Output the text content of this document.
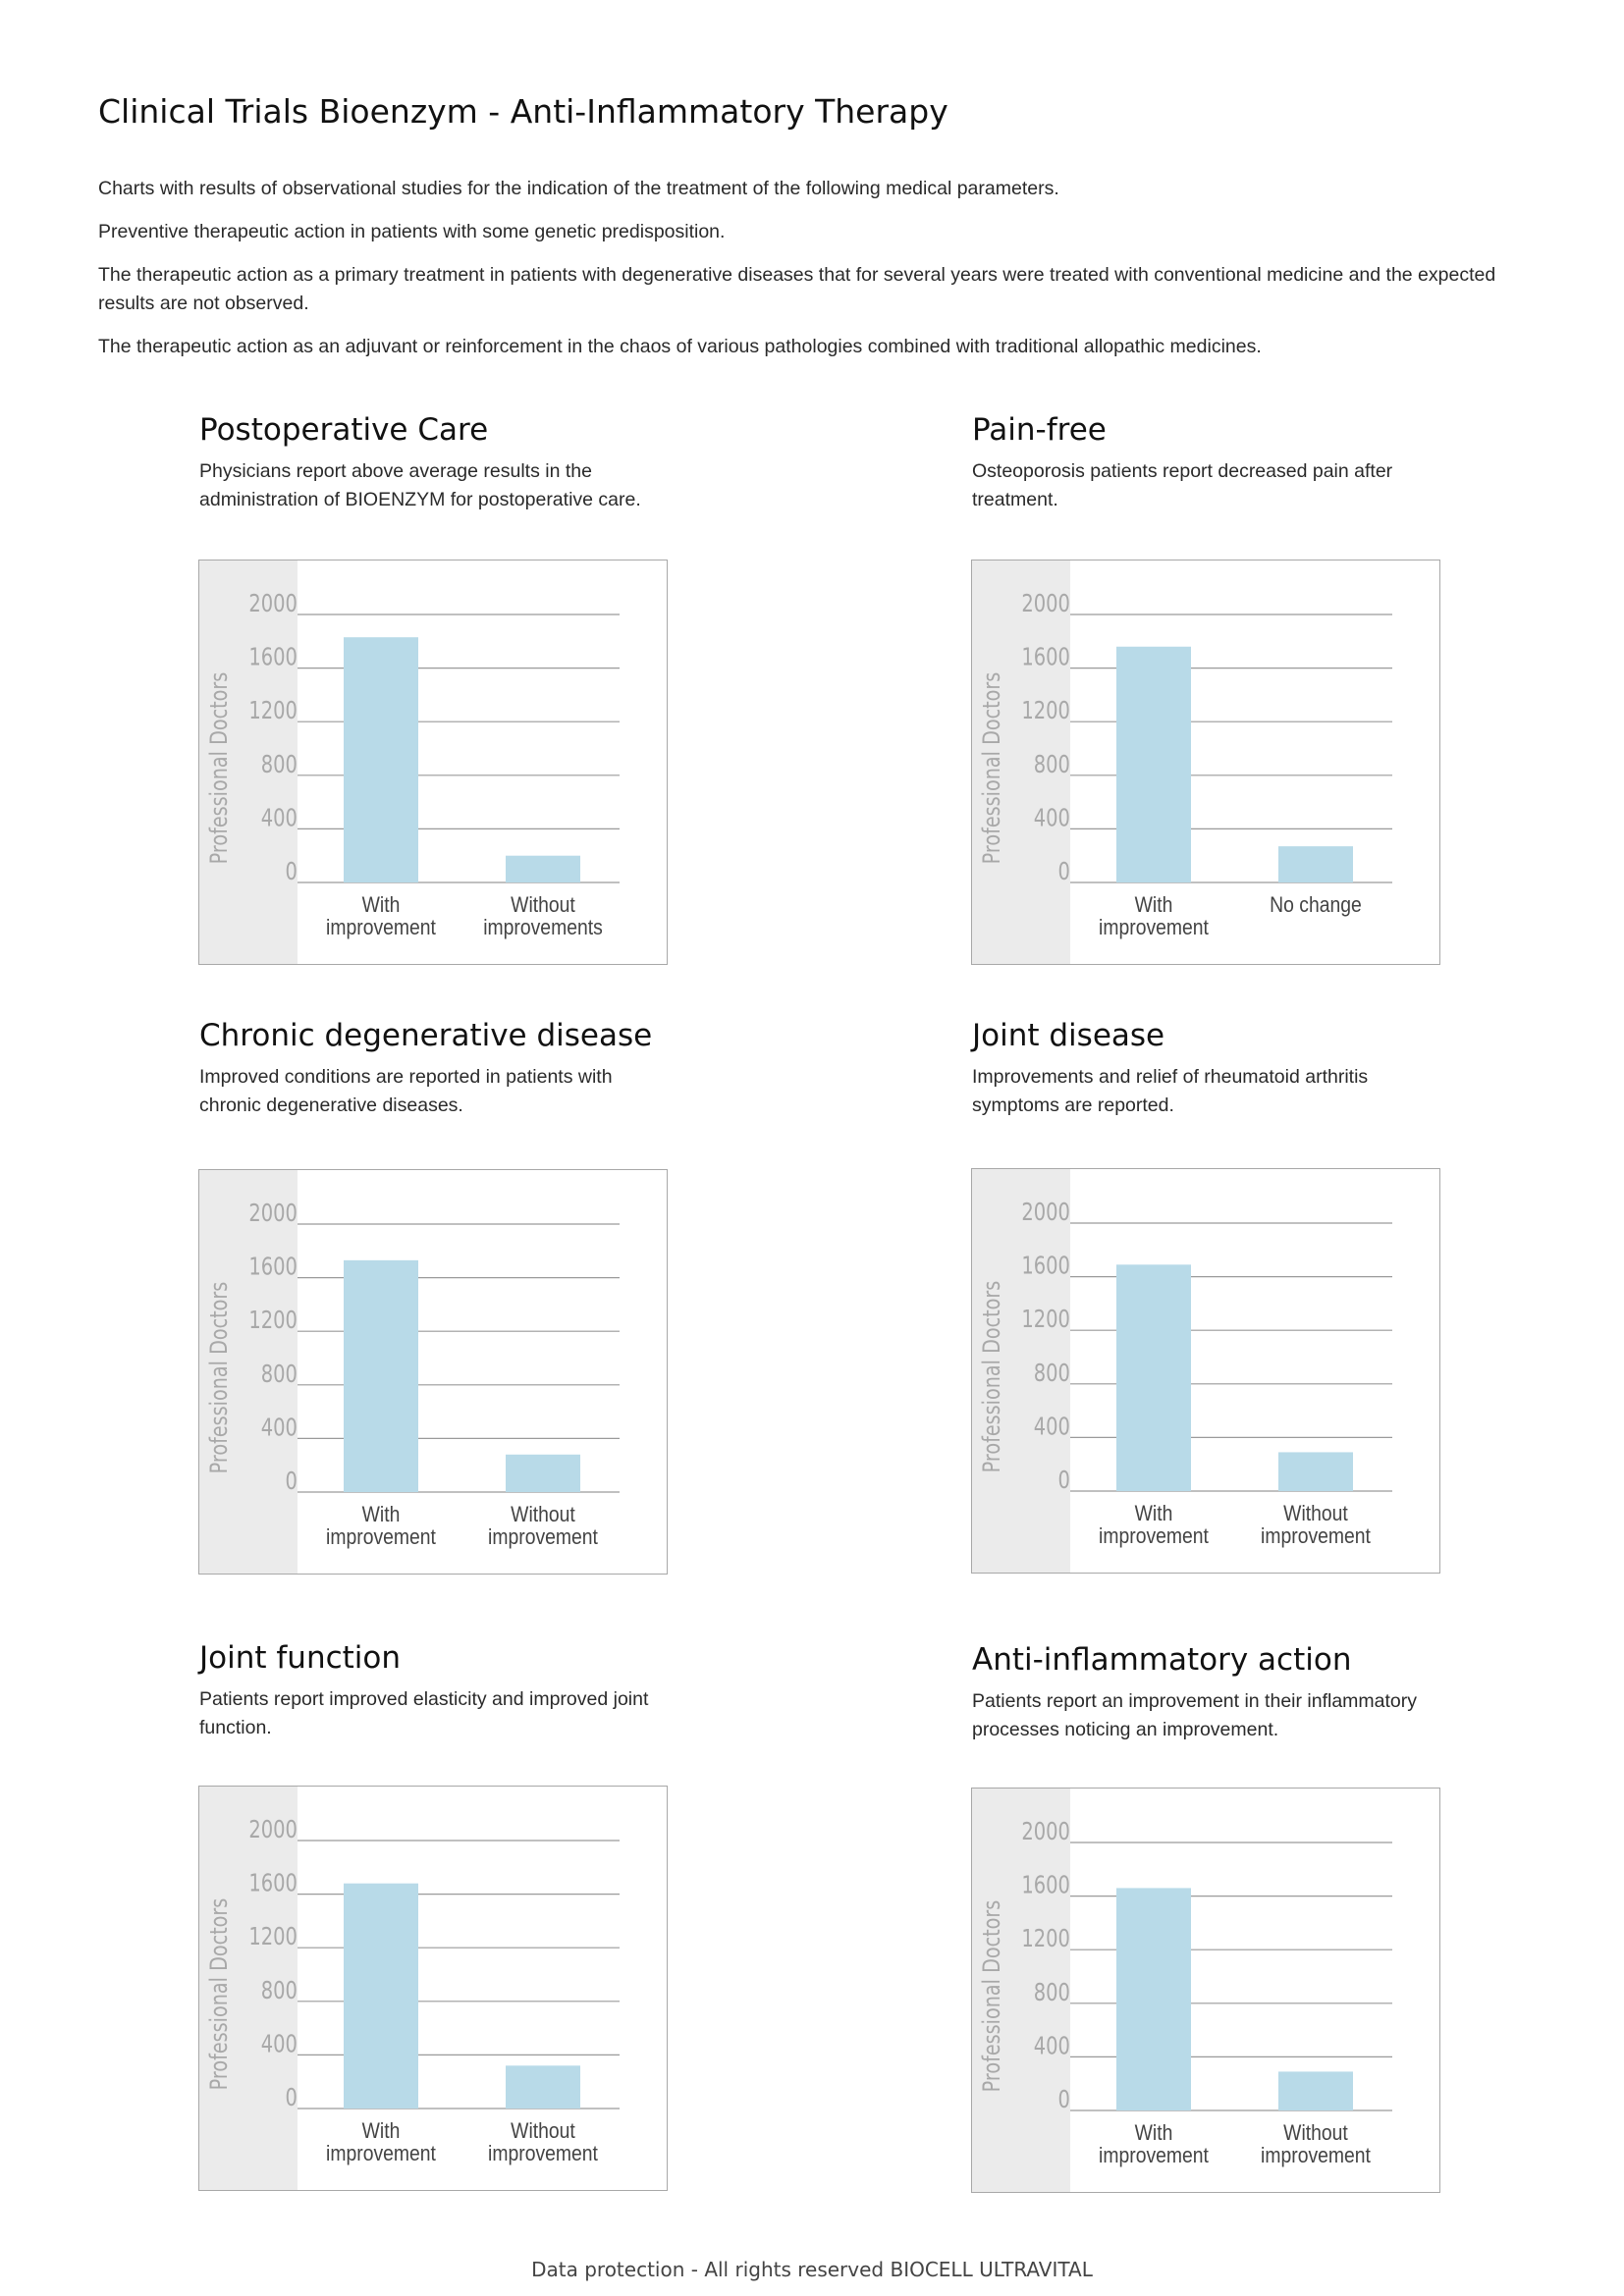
Clinical Trials Bioenzym - Anti-Inflammatory Therapy

Charts with results of observational studies for the indication of the treatment of the following medical parameters.

Preventive therapeutic action in patients with some genetic predisposition.

The therapeutic action as a primary treatment in patients with degenerative diseases that for several years were treated with conventional medicine and the expected results are not observed.

The therapeutic action as an adjuvant or reinforcement in the chaos of various pathologies combined with traditional allopathic medicines.

Postoperative Care

Physicians report above average results in the administration of BIOENZYM for postoperative care.

0
400
800
1200
1600
2000
Professional Doctors
With
improvement
Without
improvements
Pain-free

Osteoporosis patients report decreased pain after treatment.

0
400
800
1200
1600
2000
Professional Doctors
With
improvement
No change
Chronic degenerative disease

Improved conditions are reported in patients with chronic degenerative diseases.

0
400
800
1200
1600
2000
Professional Doctors
With
improvement
Without
improvement
Joint disease

Improvements and relief of rheumatoid arthritis symptoms are reported.

0
400
800
1200
1600
2000
Professional Doctors
With
improvement
Without
improvement
Joint function

Patients report improved elasticity and improved joint function.

0
400
800
1200
1600
2000
Professional Doctors
With
improvement
Without
improvement
Anti-inflammatory action

Patients report an improvement in their inflammatory processes noticing an improvement.

0
400
800
1200
1600
2000
Professional Doctors
With
improvement
Without
improvement
Data protection - All rights reserved BIOCELL ULTRAVITAL
